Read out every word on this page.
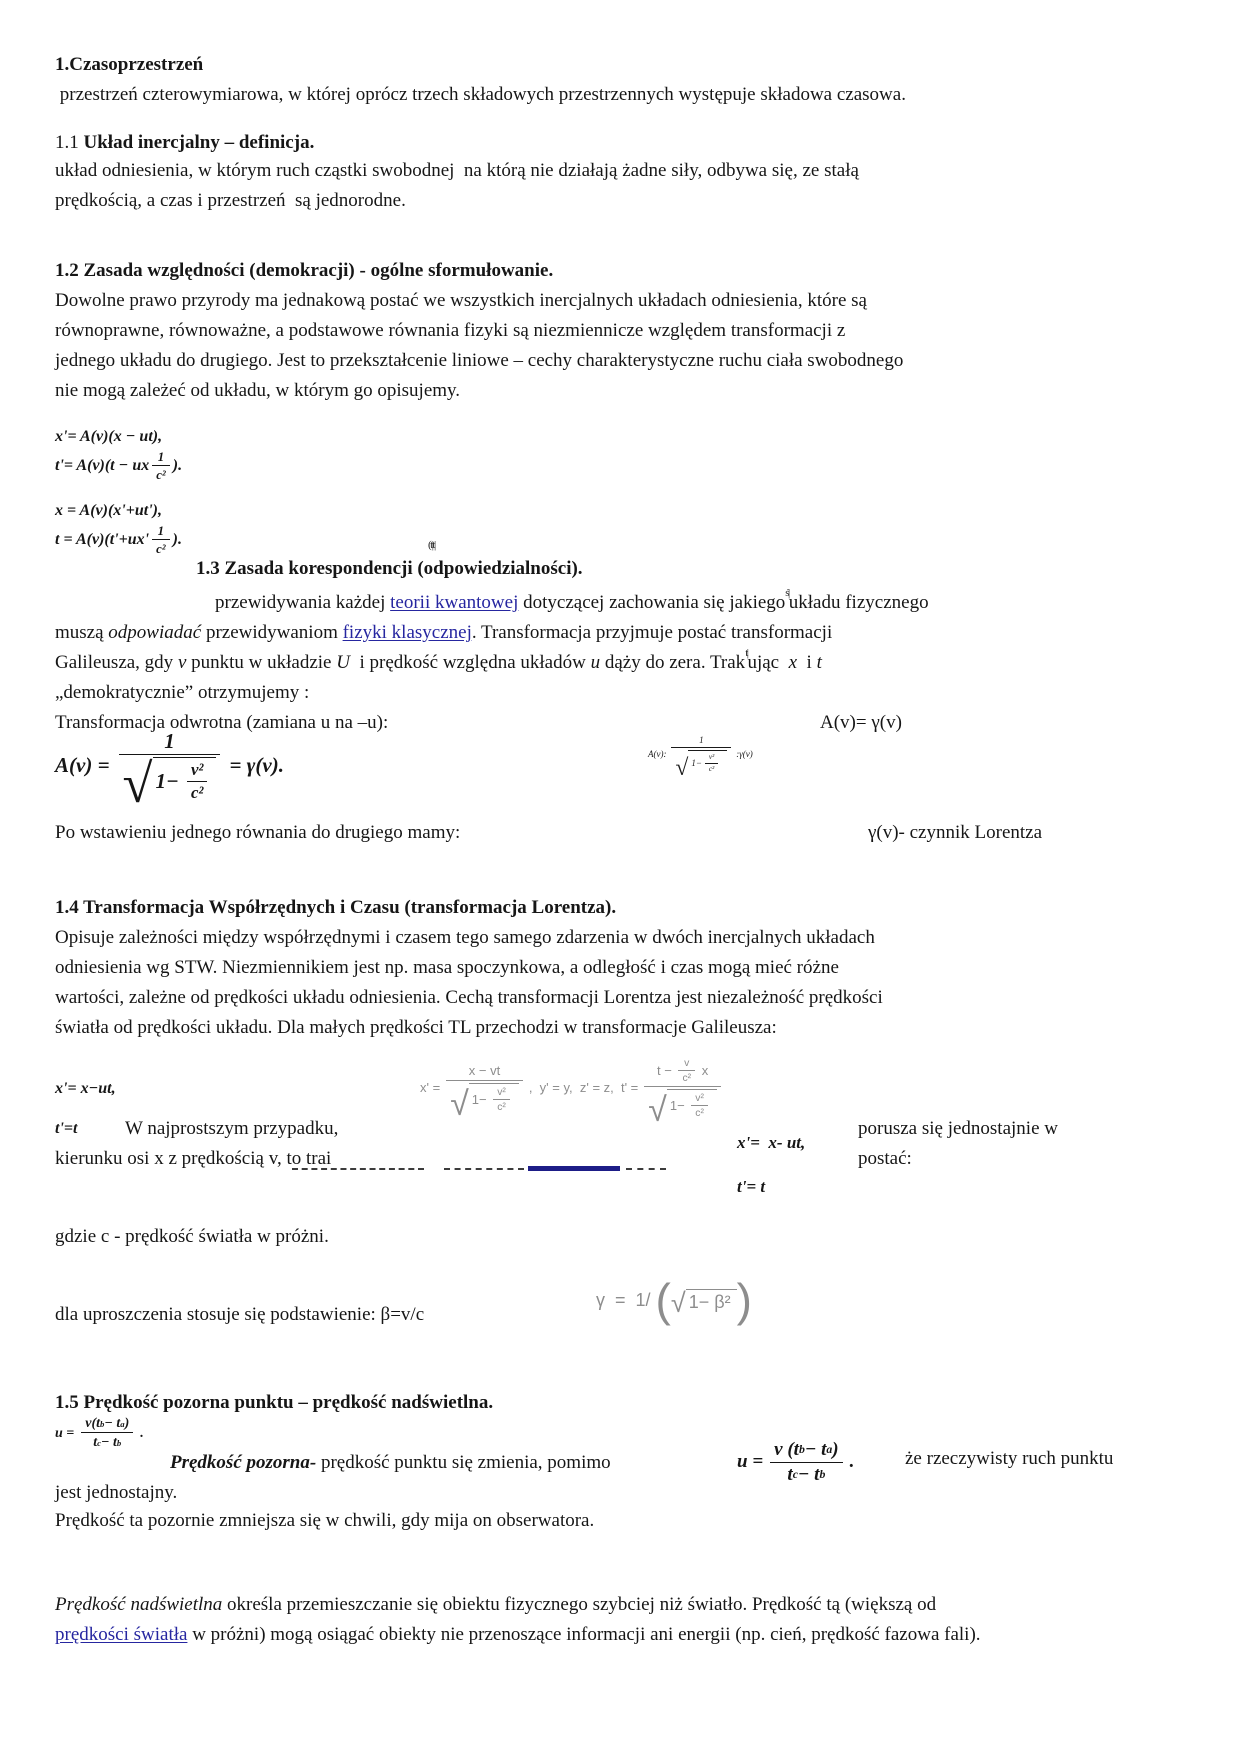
1.Czasoprzestrzeń
przestrzeń czterowymiarowa, w której oprócz trzech składowych przestrzennych występuje składowa czasowa.
1.1 Układ inercjalny – definicja.
układ odniesienia, w którym ruch cząstki swobodnej  na którą nie działają żadne siły, odbywa się, ze stałą
prędkością, a czas i przestrzeń  są jednorodne.
1.2 Zasada względności (demokracji) - ogólne sformułowanie.
Dowolne prawo przyrody ma jednakową postać we wszystkich inercjalnych układach odniesienia, które są
równoprawne, równoważne, a podstawowe równania fizyki są niezmiennicze względem transformacji z
jednego układu do drugiego. Jest to przekształcenie liniowe – cechy charakterystyczne ruchu ciała swobodnego
nie mogą zależeć od układu, w którym go opisujemy.
x'= A(v)(x − ut),
t'= A(v)(t − ux 1
c²
).
x = A(v)(x'+ut'),
t = A(v)(t'+ux' 1
c²
).	(t|t|
1.3 Zasada korespondencji (odpowiedzialności).
przewidywania każdej teorii kwantowej dotyczącej zachowania się jakiego$^{ś|}$układu fizycznego
muszą odpowiadać przewidywaniom fizyki klasycznej. Transformacja przyjmuje postać transformacji
Galileusza, gdy v punktu w układzie U  i prędkość względna układów u dąży do zera. Trak$^{t|}$ując  x  i t
„demokratycznie” otrzymujemy :
Transformacja odwrotna (zamiana u na –u):	A(v)= γ(v)
A(v) =
1
√ $1- \frac{\text{v²}}{\text{c²}} = \gamma(v)$.	A(v):
1
√ $1- \frac{\text{v²}}{\text{c²}}$ :γ(v)
Po wstawieniu jednego równania do drugiego mamy:	γ(v)- czynnik Lorentza
1.4 Transformacja Współrzędnych i Czasu (transformacja Lorentza).
Opisuje zależności między współrzędnymi i czasem tego samego zdarzenia w dwóch inercjalnych układach
odniesienia wg STW. Niezmiennikiem jest np. masa spoczynkowa, a odległość i czas mogą mieć różne
wartości, zależne od prędkości układu odniesienia. Cechą transformacji Lorentza jest niezależność prędkości
światła od prędkości układu. Dla małych prędkości TL przechodzi w transformacje Galileusza:
x'= x−ut,
t'=t	W najprostszym przypadku,
kierunku osi x z prędkością v, to trai
x' =
x − vt
√ $1- \frac{\text{v²}}{\text{c²}}$ ,  y' = y,  z' = z,  t' =
$t - \frac{v}{\text{c²}}$ x
√ $1- \frac{\text{v²}}{\text{c²}}$
porusza się jednostajnie w
x'=  x- ut,
postać:
t'= t
gdzie c - prędkość światła w próżni.
dla uproszczenia stosuje się podstawienie: β=v/c
γ  =  1/ ( √ 1− β² )
1.5 Prędkość pozorna punktu – prędkość nadświetlna.
$u = \frac{\text{v(t b − t a )}}{\text{t c − t b}}$ .
Prędkość pozorna- prędkość punktu się zmienia, pomimo	$u = \frac{\text{v (t b − t a )}}{\text{t c − t b}}$ .	że rzeczywisty ruch punktu
jest jednostajny.
Prędkość ta pozornie zmniejsza się w chwili, gdy mija on obserwatora.
Prędkość nadświetlna określa przemieszczanie się obiektu fizycznego szybciej niż światło. Prędkość tą (większą od
prędkości światła w próżni) mogą osiągać obiekty nie przenoszące informacji ani energii (np. cień, prędkość fazowa fali).
